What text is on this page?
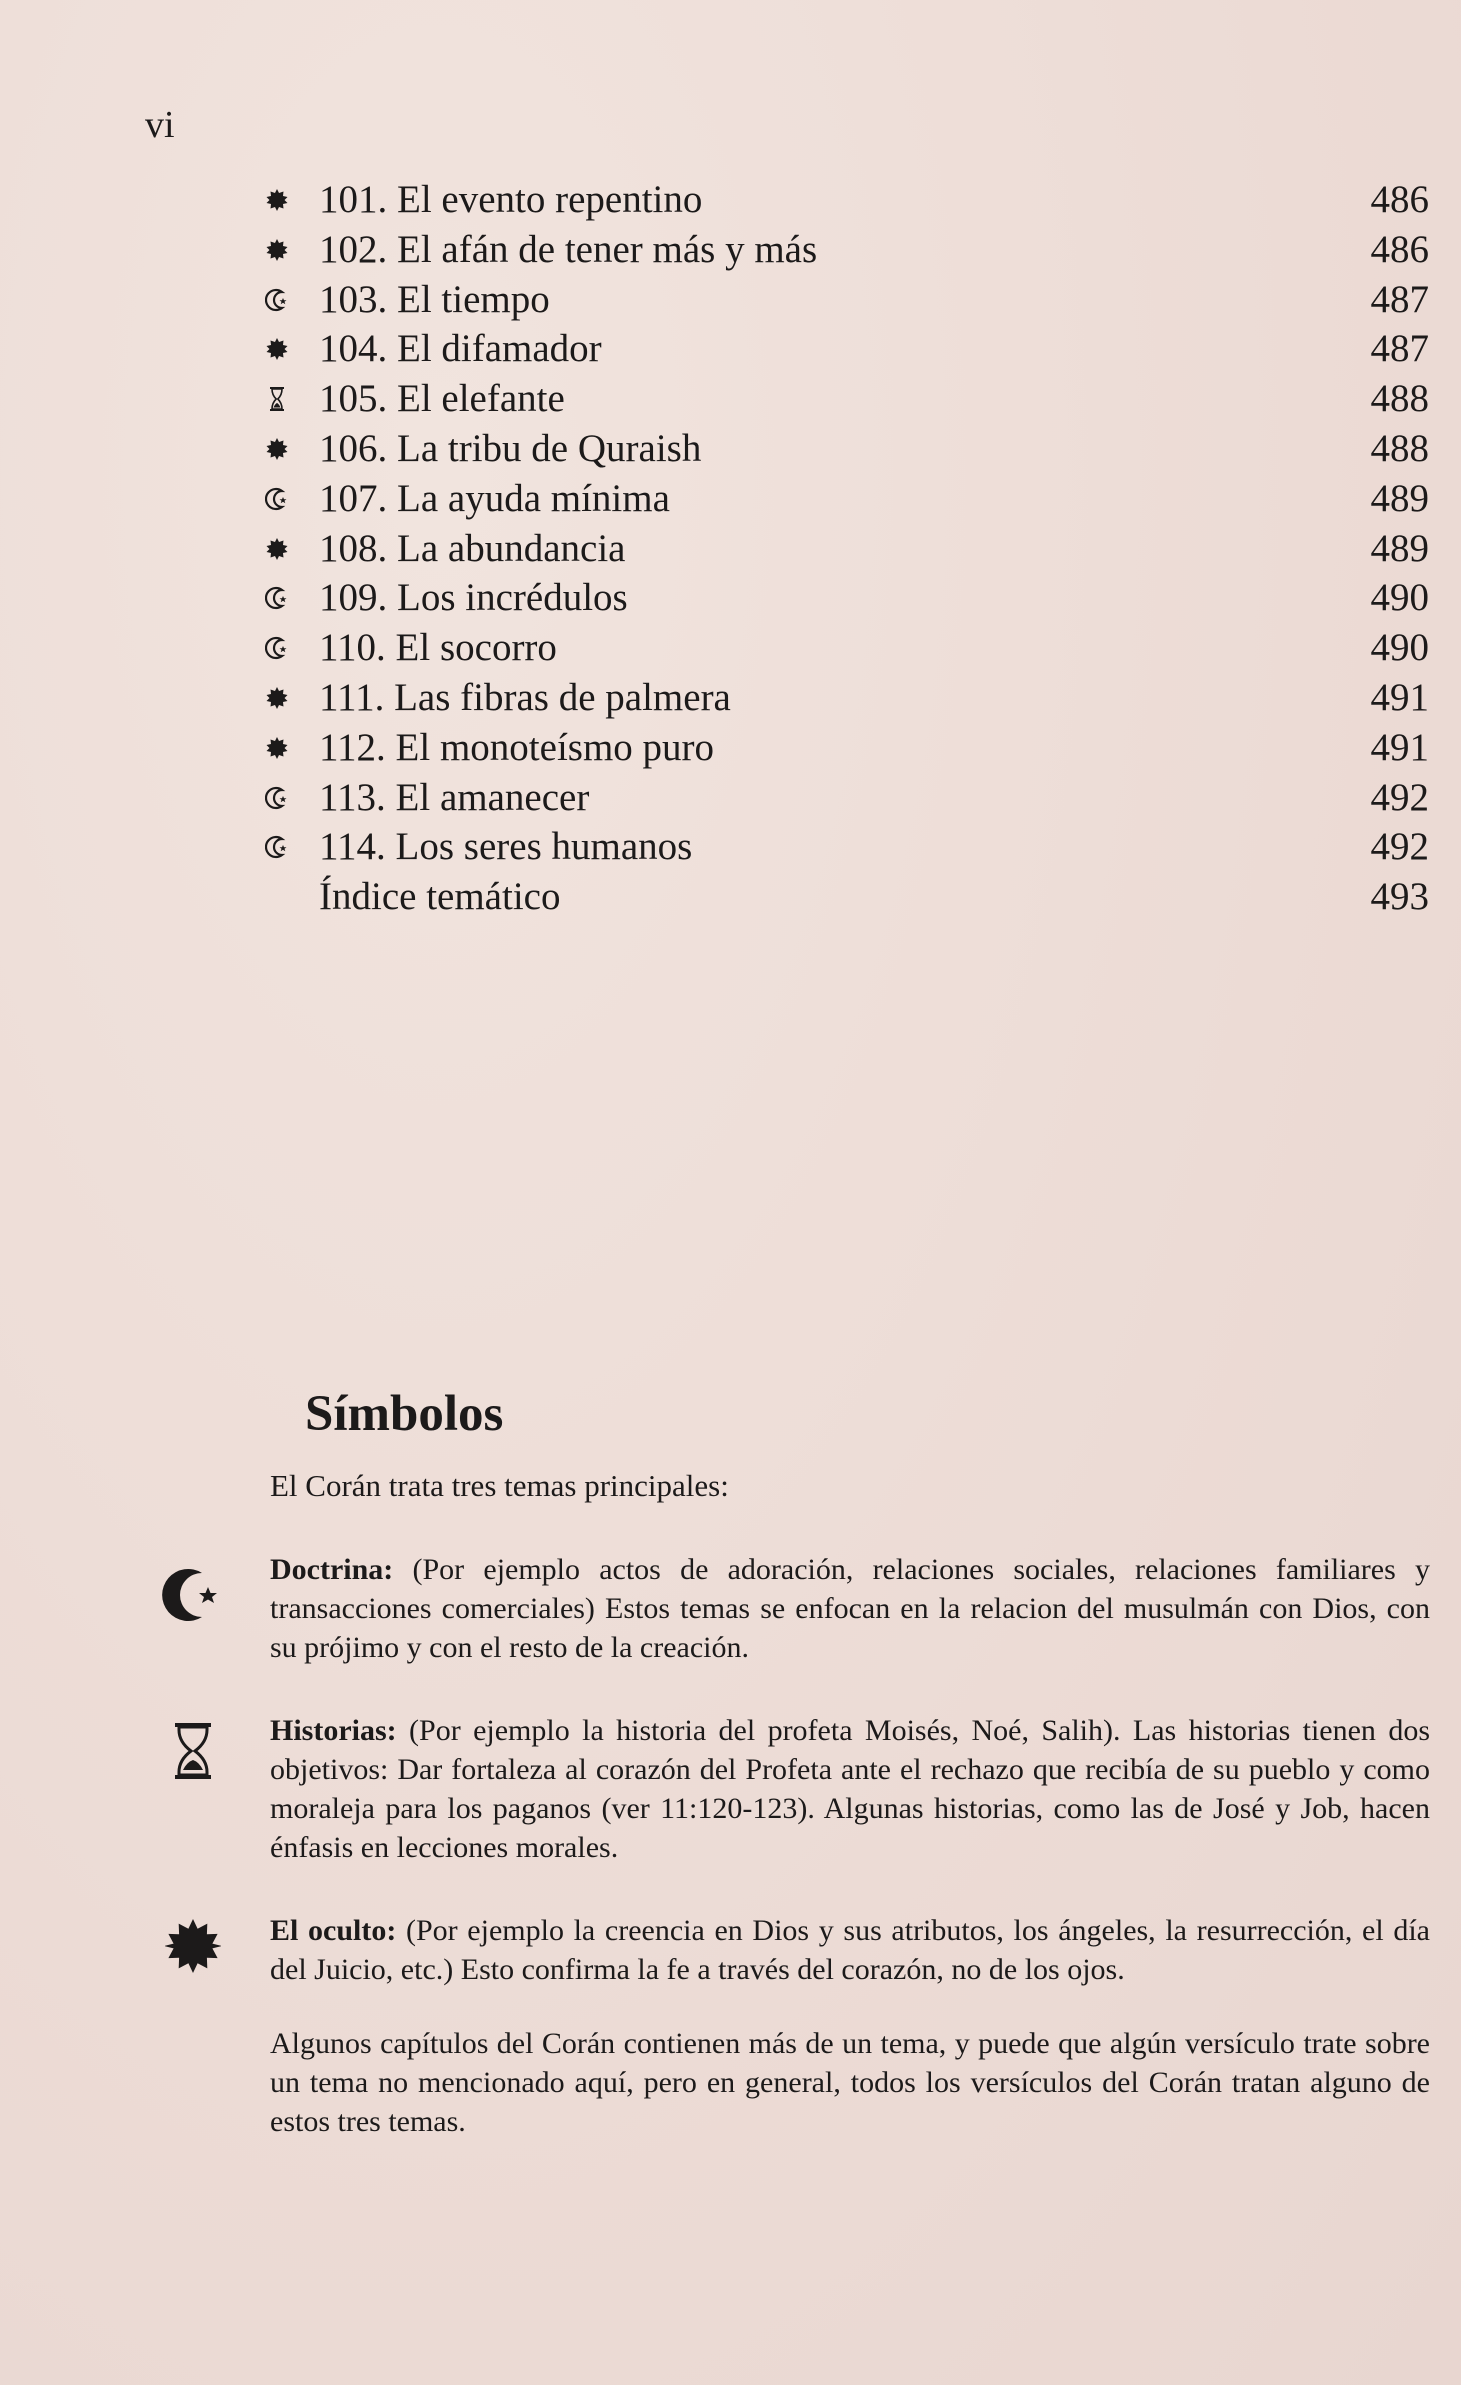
vi
101. El evento repentino	486
102. El afán de tener más y más	486
103. El tiempo	487
104. El difamador	487
105. El elefante	488
106. La tribu de Quraish	488
107. La ayuda mínima	489
108. La abundancia	489
109. Los incrédulos	490
110. El socorro	490
111. Las fibras de palmera	491
112. El monoteísmo puro	491
113. El amanecer	492
114. Los seres humanos	492
Índice temático	493
Símbolos
El Corán trata tres temas principales:
Doctrina: (Por ejemplo actos de adoración, relaciones sociales, relaciones familiares y transacciones comerciales) Estos temas se enfocan en la relacion del musulmán con Dios, con su prójimo y con el resto de la creación.
Historias: (Por ejemplo la historia del profeta Moisés, Noé, Salih). Las historias tienen dos objetivos: Dar fortaleza al corazón del Profeta ante el rechazo que recibía de su pueblo y como moraleja para los paganos (ver 11:120-123). Algunas historias, como las de José y Job, hacen énfasis en lecciones morales.
El oculto: (Por ejemplo la creencia en Dios y sus atributos, los ángeles, la resurrección, el día del Juicio, etc.) Esto confirma la fe a través del corazón, no de los ojos.
Algunos capítulos del Corán contienen más de un tema, y puede que algún versículo trate sobre un tema no mencionado aquí, pero en general, todos los versículos del Corán tratan alguno de estos tres temas.
